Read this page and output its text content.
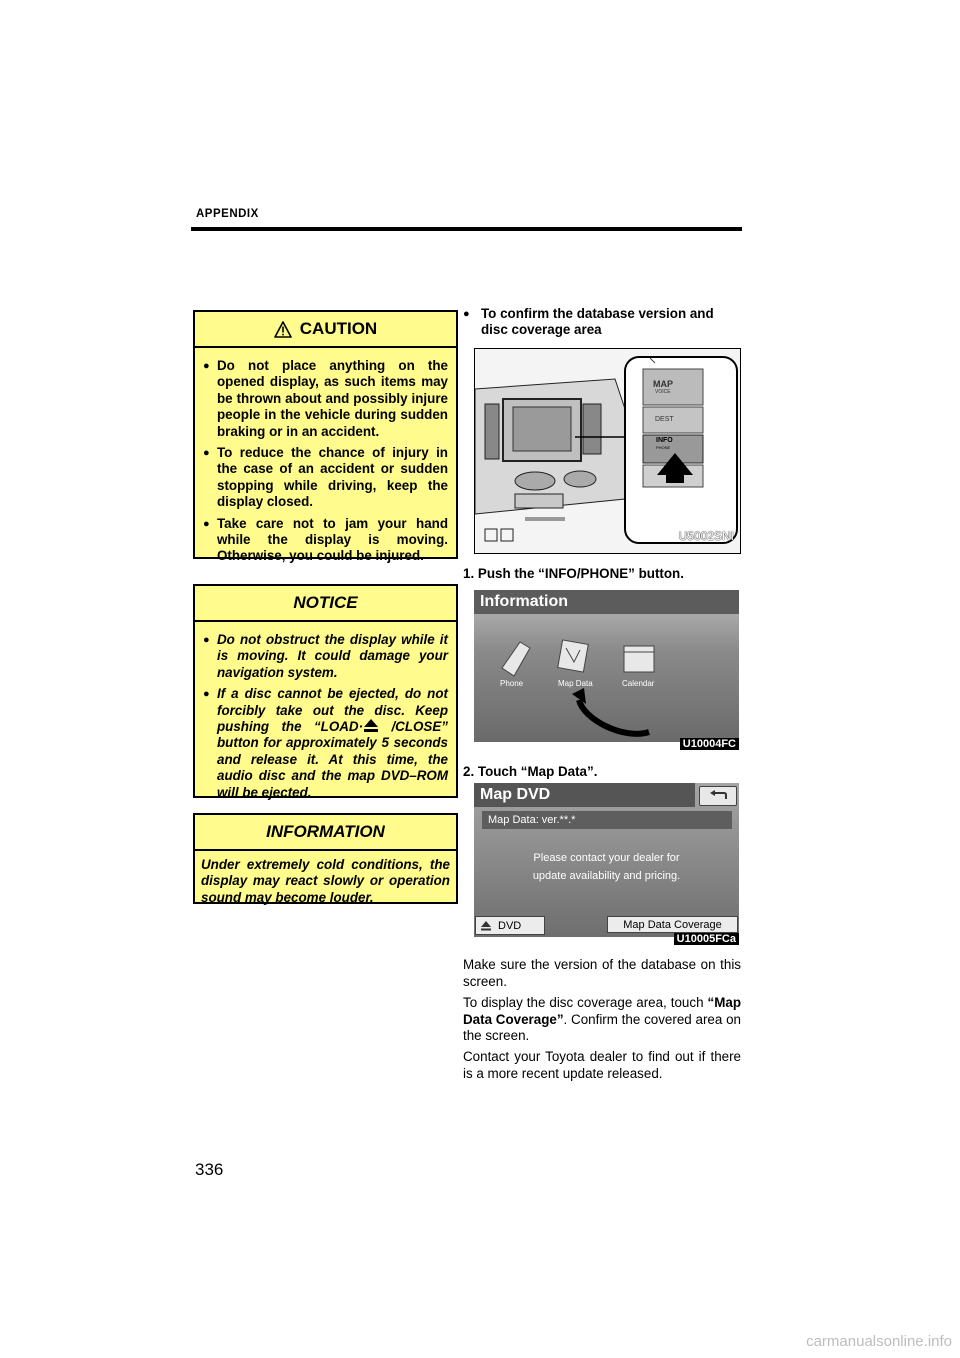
APPENDIX
CAUTION
● Do not place anything on the opened display, as such items may be thrown about and possibly injure people in the vehicle during sudden braking or in an accident.
● To reduce the chance of injury in the case of an accident or sudden stopping while driving, keep the display closed.
● Take care not to jam your hand while the display is moving. Otherwise, you could be injured.
NOTICE
● Do not obstruct the display while it is moving. It could damage your navigation system.
● If a disc cannot be ejected, do not forcibly take out the disc. Keep pushing the “LOAD· /CLOSE” button for approximately 5 seconds and release it. At this time, the audio disc and the map DVD–ROM will be ejected.
INFORMATION
Under extremely cold conditions, the display may react slowly or operation sound may become louder.
● To confirm the database version and disc coverage area
MAP
VOICE
DEST
INFO
PHONE
U5002SNI
1. Push the “INFO/PHONE” button.
Information
Phone	Map Data	Calendar
U10004FC
2. Touch “Map Data”.
Map DVD
Map Data: ver.**.*
Please contact your dealer for
update availability and pricing.
DVD	Map Data Coverage
U10005FCa
Make sure the version of the database on this screen.
To display the disc coverage area, touch “Map Data Coverage”. Confirm the covered area on the screen.
Contact your Toyota dealer to find out if there is a more recent update released.
336
carmanualsonline.info
